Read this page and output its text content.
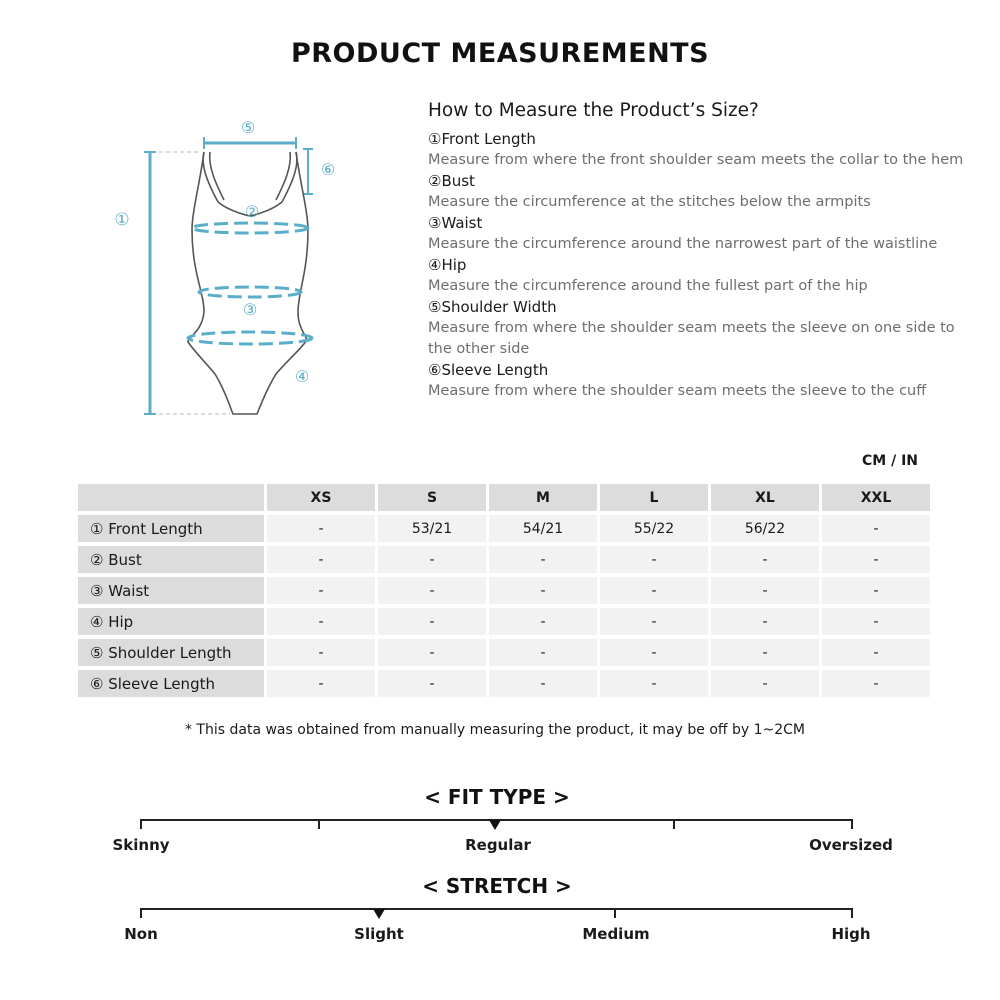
PRODUCT MEASUREMENTS
①	②
③
④
⑤
⑥
How to Measure the Product’s Size?
①Front Length
Measure from where the front shoulder seam meets the collar to the hem
②Bust
Measure the circumference at the stitches below the armpits
③Waist
Measure the circumference around the narrowest part of the waistline
④Hip
Measure the circumference around the fullest part of the hip
⑤Shoulder Width
Measure from where the shoulder seam meets the sleeve on one side to the other side
⑥Sleeve Length
Measure from where the shoulder seam meets the sleeve to the cuff
CM / IN
	XS	S	M	L	XL	XXL
① Front Length	-	53/21	54/21	55/22	56/22	-
② Bust	-	-	-	-	-	-
③ Waist	-	-	-	-	-	-
④ Hip	-	-	-	-	-	-
⑤ Shoulder Length	-	-	-	-	-	-
⑥ Sleeve Length	-	-	-	-	-	-
* This data was obtained from manually measuring the product, it may be off by 1~2CM
< FIT TYPE >
Skinny	Regular	Oversized
< STRETCH >
Non	Slight	Medium	High
